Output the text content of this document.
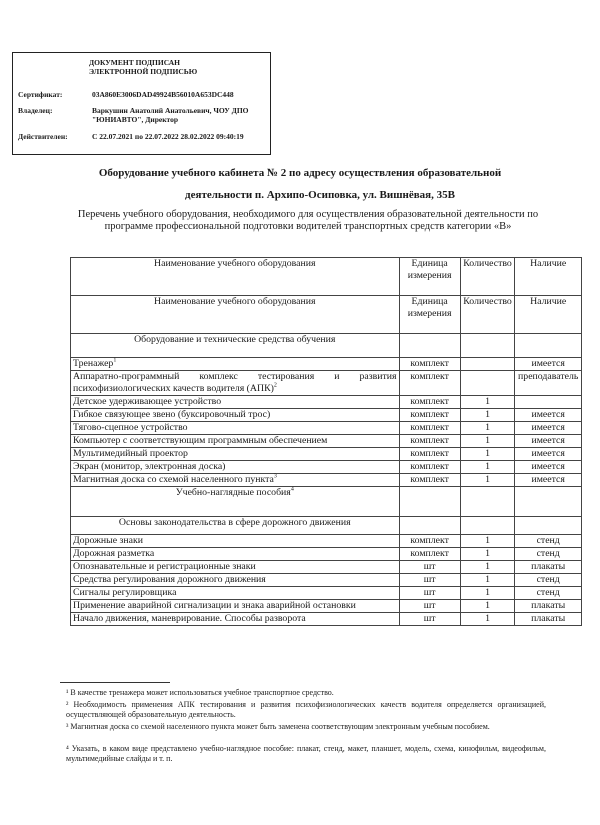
ДОКУМЕНТ ПОДПИСАН
ЭЛЕКТРОННОЙ ПОДПИСЬЮ
Сертификат:	03A860E3006DAD49924B56010A653DC448
Владелец:	Варкушин Анатолий Анатольевич, ЧОУ ДПО "ЮНИАВТО", Директор
Действителен:	С 22.07.2021 по 22.07.2022 28.02.2022 09:40:19
Оборудование учебного кабинета № 2 по адресу осуществления образовательной
деятельности п. Архипо-Осиповка, ул. Вишнёвая, 35В
Перечень учебного оборудования, необходимого для осуществления образовательной деятельности по программе профессиональной подготовки водителей транспортных средств категории «В»
Наименование учебного оборудования	Единица измерения	Количество	Наличие
Наименование учебного оборудования	Единица измерения	Количество	Наличие
Оборудование и технические средства обучения			
Тренажер$^1$	комплект		имеется
Аппаратно-программный комплекс тестирования и развития психофизиологических качеств водителя (АПК)$^2$	комплект		преподаватель
Детское удерживающее устройство	комплект	1	
Гибкое связующее звено (буксировочный трос)	комплект	1	имеется
Тягово-сцепное устройство	комплект	1	имеется
Компьютер с соответствующим программным обеспечением	комплект	1	имеется
Мультимедийный проектор	комплект	1	имеется
Экран (монитор, электронная доска)	комплект	1	имеется
Магнитная доска со схемой населенного пункта$^3$	комплект	1	имеется
Учебно-наглядные пособия$^4$			
Основы законодательства в сфере дорожного движения			
Дорожные знаки	комплект	1	стенд
Дорожная разметка	комплект	1	стенд
Опознавательные и регистрационные знаки	шт	1	плакаты
Средства регулирования дорожного движения	шт	1	стенд
Сигналы регулировщика	шт	1	стенд
Применение аварийной сигнализации и знака аварийной остановки	шт	1	плакаты
Начало движения, маневрирование. Способы разворота	шт	1	плакаты
¹ В качестве тренажера может использоваться учебное транспортное средство.
² Необходимость применения АПК тестирования и развития психофизиологических качеств водителя определяется организацией, осуществляющей образовательную деятельность.
³ Магнитная доска со схемой населенного пункта может быть заменена соответствующим электронным учебным пособием.
⁴ Указать, в каком виде представлено учебно-наглядное пособие: плакат, стенд, макет, планшет, модель, схема, кинофильм, видеофильм, мультимедийные слайды и т. п.
